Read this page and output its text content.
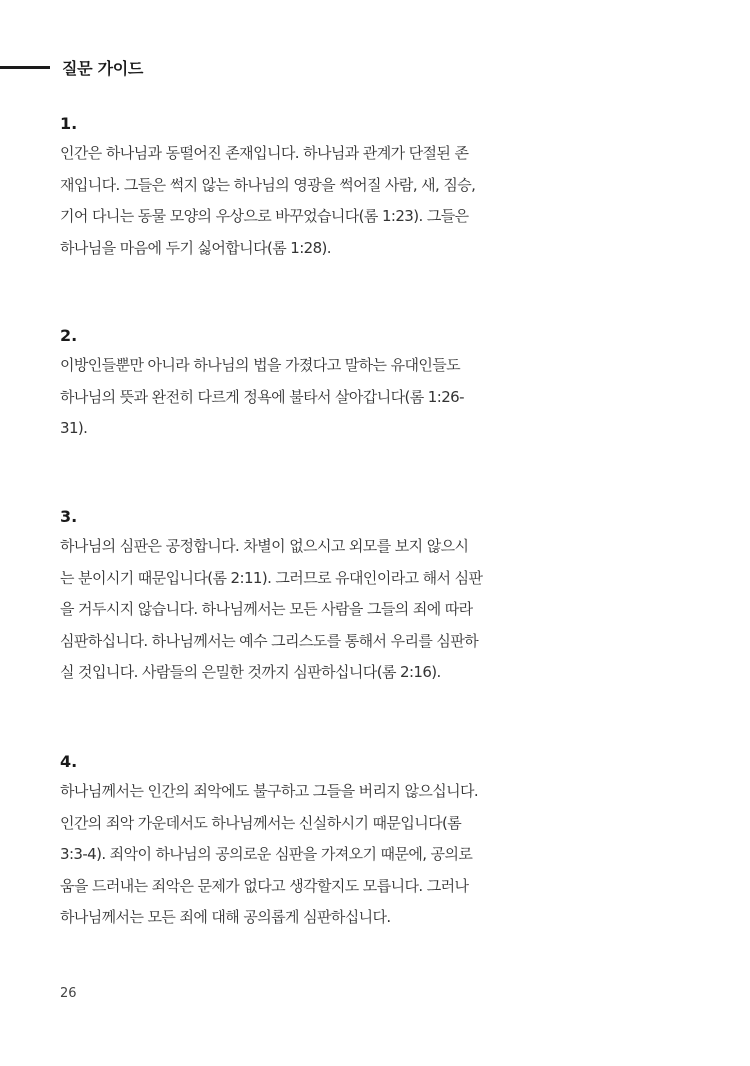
질문 가이드
1.
인간은 하나님과 동떨어진 존재입니다. 하나님과 관계가 단절된 존
재입니다. 그들은 썩지 않는 하나님의 영광을 썩어질 사람, 새, 짐승,
기어 다니는 동물 모양의 우상으로 바꾸었습니다(롬 1:23). 그들은
하나님을 마음에 두기 싫어합니다(롬 1:28).
2.
이방인들뿐만 아니라 하나님의 법을 가졌다고 말하는 유대인들도
하나님의 뜻과 완전히 다르게 정욕에 불타서 살아갑니다(롬 1:26-
31).
3.
하나님의 심판은 공정합니다. 차별이 없으시고 외모를 보지 않으시
는 분이시기 때문입니다(롬 2:11). 그러므로 유대인이라고 해서 심판
을 거두시지 않습니다. 하나님께서는 모든 사람을 그들의 죄에 따라
심판하십니다. 하나님께서는 예수 그리스도를 통해서 우리를 심판하
실 것입니다. 사람들의 은밀한 것까지 심판하십니다(롬 2:16).
4.
하나님께서는 인간의 죄악에도 불구하고 그들을 버리지 않으십니다.
인간의 죄악 가운데서도 하나님께서는 신실하시기 때문입니다(롬
3:3-4). 죄악이 하나님의 공의로운 심판을 가져오기 때문에, 공의로
움을 드러내는 죄악은 문제가 없다고 생각할지도 모릅니다. 그러나
하나님께서는 모든 죄에 대해 공의롭게 심판하십니다.
26
